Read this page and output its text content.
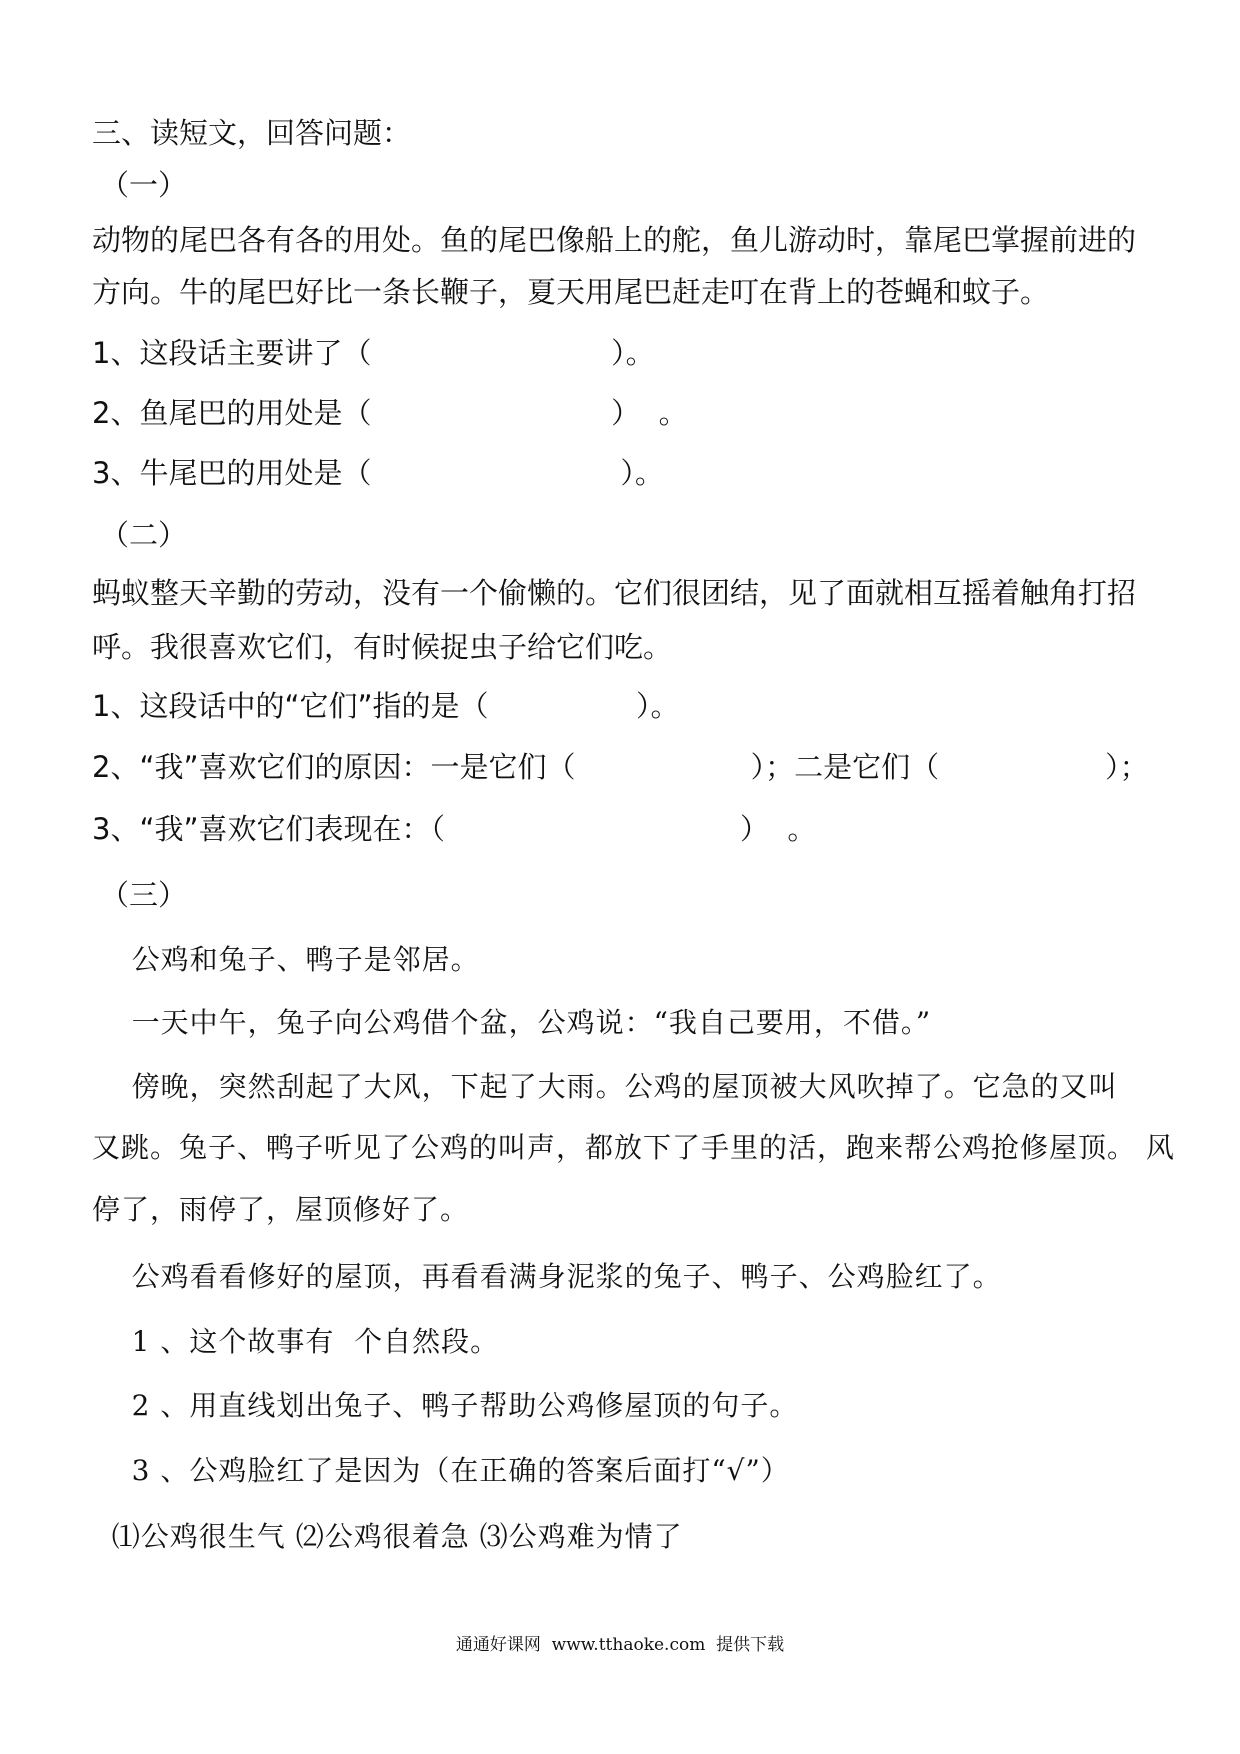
三、读短文，回答问题：
（一）
动物的尾巴各有各的用处。鱼的尾巴像船上的舵，鱼儿游动时，靠尾巴掌握前进的
方向。牛的尾巴好比一条长鞭子，夏天用尾巴赶走叮在背上的苍蝇和蚊子。
1、这段话主要讲了（                          ）。
2、鱼尾巴的用处是（                          ）  。
3、牛尾巴的用处是（                           ）。
（二）
蚂蚁整天辛勤的劳动，没有一个偷懒的。它们很团结，见了面就相互摇着触角打招
呼。我很喜欢它们，有时候捉虫子给它们吃。
1、这段话中的“它们”指的是（                ）。
2、“我”喜欢它们的原因：一是它们（                   ）；二是它们（                  ）；
3、“我”喜欢它们表现在：（                                ）  。
（三）
公鸡和兔子、鸭子是邻居。
一天中午，兔子向公鸡借个盆，公鸡说：“我自己要用，不借。”
傍晚，突然刮起了大风，下起了大雨。公鸡的屋顶被大风吹掉了。它急的又叫
又跳。兔子、鸭子听见了公鸡的叫声，都放下了手里的活，跑来帮公鸡抢修屋顶。 风
停了，雨停了，屋顶修好了。
公鸡看看修好的屋顶，再看看满身泥浆的兔子、鸭子、公鸡脸红了。
1 、这个故事有  个自然段。
2 、用直线划出兔子、鸭子帮助公鸡修屋顶的句子。
3 、公鸡脸红了是因为（在正确的答案后面打“√”）
⑴公鸡很生气 ⑵公鸡很着急 ⑶公鸡难为情了
通通好课网  www.tthaoke.com  提供下载
